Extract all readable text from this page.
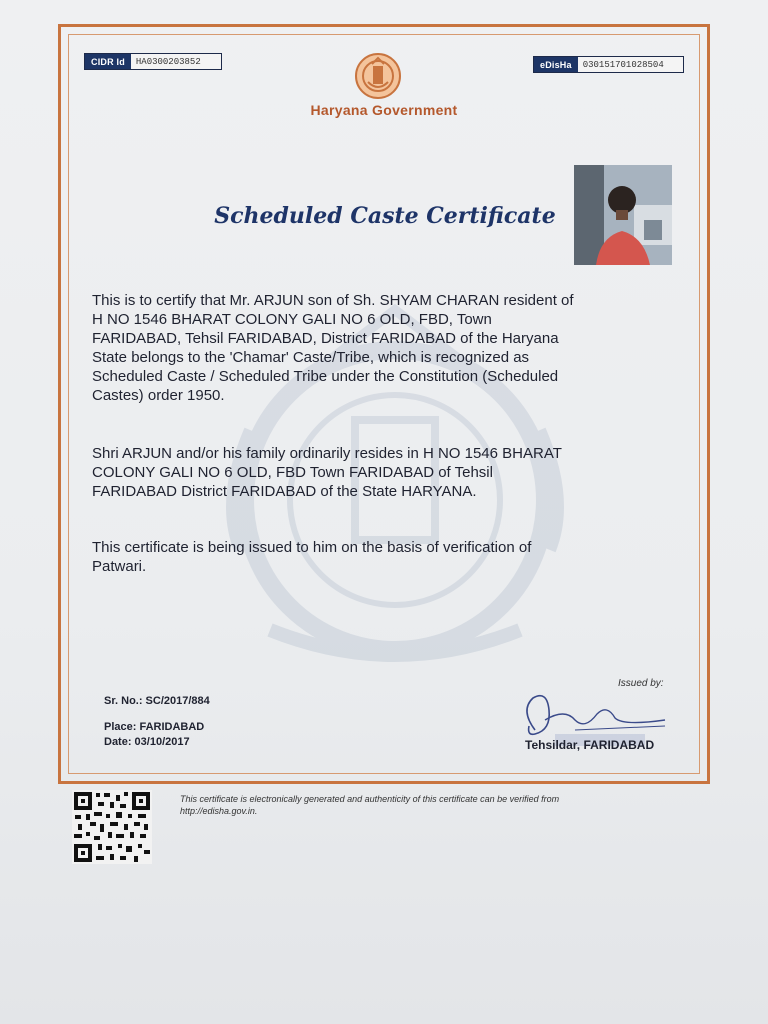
CIDR Id	HA0300203852	eDisHa	030151701028504
Haryana Government
Scheduled Caste Certificate
This is to certify that Mr. ARJUN son of Sh. SHYAM CHARAN resident of
H NO 1546 BHARAT COLONY GALI NO 6 OLD, FBD, Town
FARIDABAD, Tehsil FARIDABAD, District FARIDABAD of the Haryana
State belongs to the 'Chamar' Caste/Tribe, which is recognized as
Scheduled Caste / Scheduled Tribe under the Constitution (Scheduled
Castes) order 1950.
Shri ARJUN and/or his family ordinarily resides in H NO 1546 BHARAT
COLONY GALI NO 6 OLD, FBD Town FARIDABAD of Tehsil
FARIDABAD District FARIDABAD of the State HARYANA.
This certificate is being issued to him on the basis of verification of
Patwari.
Sr. No.: SC/2017/884
Place: FARIDABAD
Date: 03/10/2017
Issued by:
Tehsildar, FARIDABAD
This certificate is electronically generated and authenticity of this certificate can be verified from
http://edisha.gov.in.
